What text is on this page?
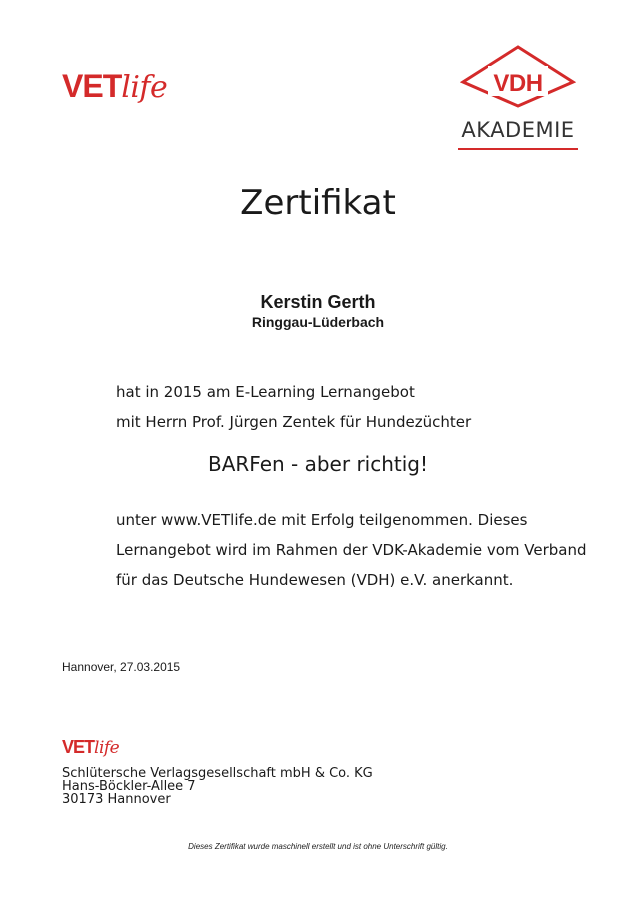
VETlife	VDH
AKADEMIE
Zertifikat
Kerstin Gerth
Ringgau-Lüderbach
hat in 2015 am E-Learning Lernangebot
mit Herrn Prof. Jürgen Zentek für Hundezüchter
BARFen - aber richtig!
unter www.VETlife.de mit Erfolg teilgenommen. Dieses
Lernangebot wird im Rahmen der VDK-Akademie vom Verband
für das Deutsche Hundewesen (VDH) e.V. anerkannt.
Hannover, 27.03.2015
VETlife
Schlütersche Verlagsgesellschaft mbH & Co. KG
Hans-Böckler-Allee 7
30173 Hannover
Dieses Zertifikat wurde maschinell erstellt und ist ohne Unterschrift gültig.
